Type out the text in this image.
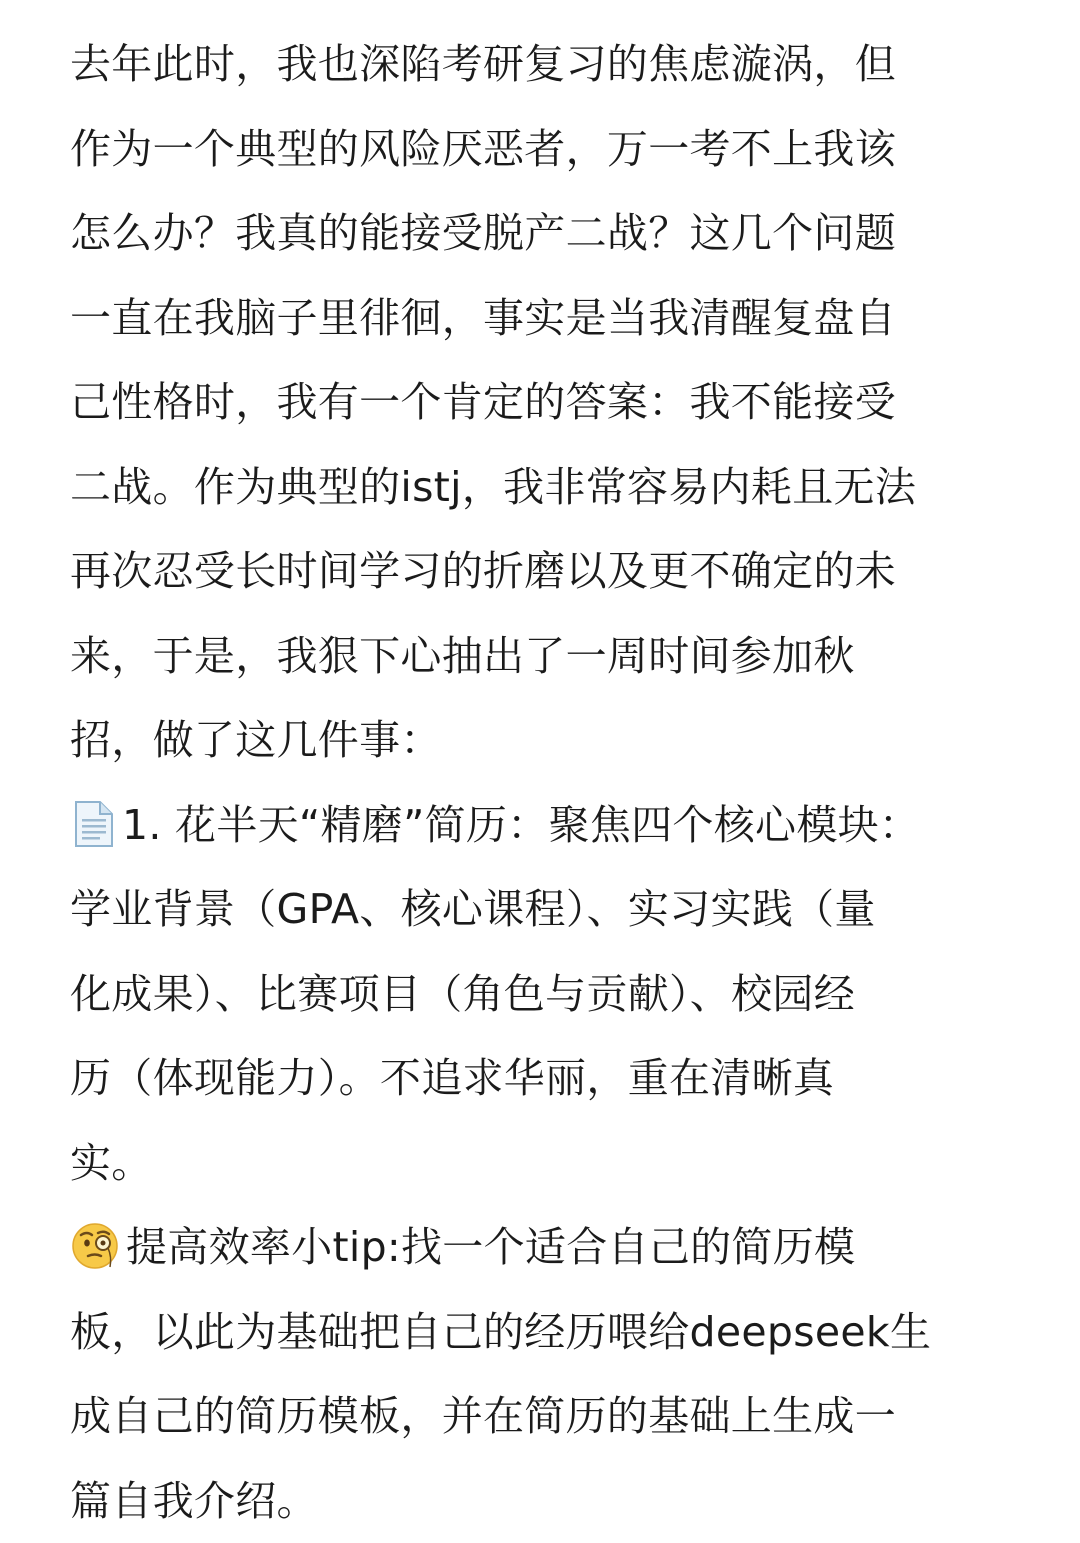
去年此时，我也深陷考研复习的焦虑漩涡，但
作为一个典型的风险厌恶者，万一考不上我该
怎么办？我真的能接受脱产二战？这几个问题
一直在我脑子里徘徊，事实是当我清醒复盘自
己性格时，我有一个肯定的答案：我不能接受
二战。作为典型的istj，我非常容易内耗且无法
再次忍受长时间学习的折磨以及更不确定的未
来，于是，我狠下心抽出了一周时间参加秋
招，做了这几件事：
1. 花半天“精磨”简历：聚焦四个核心模块：
学业背景（GPA、核心课程）、实习实践（量
化成果）、比赛项目（角色与贡献）、校园经
历（体现能力）。不追求华丽，重在清晰真
实。
提高效率小tip:找一个适合自己的简历模
板，以此为基础把自己的经历喂给deepseek生
成自己的简历模板，并在简历的基础上生成一
篇自我介绍。
